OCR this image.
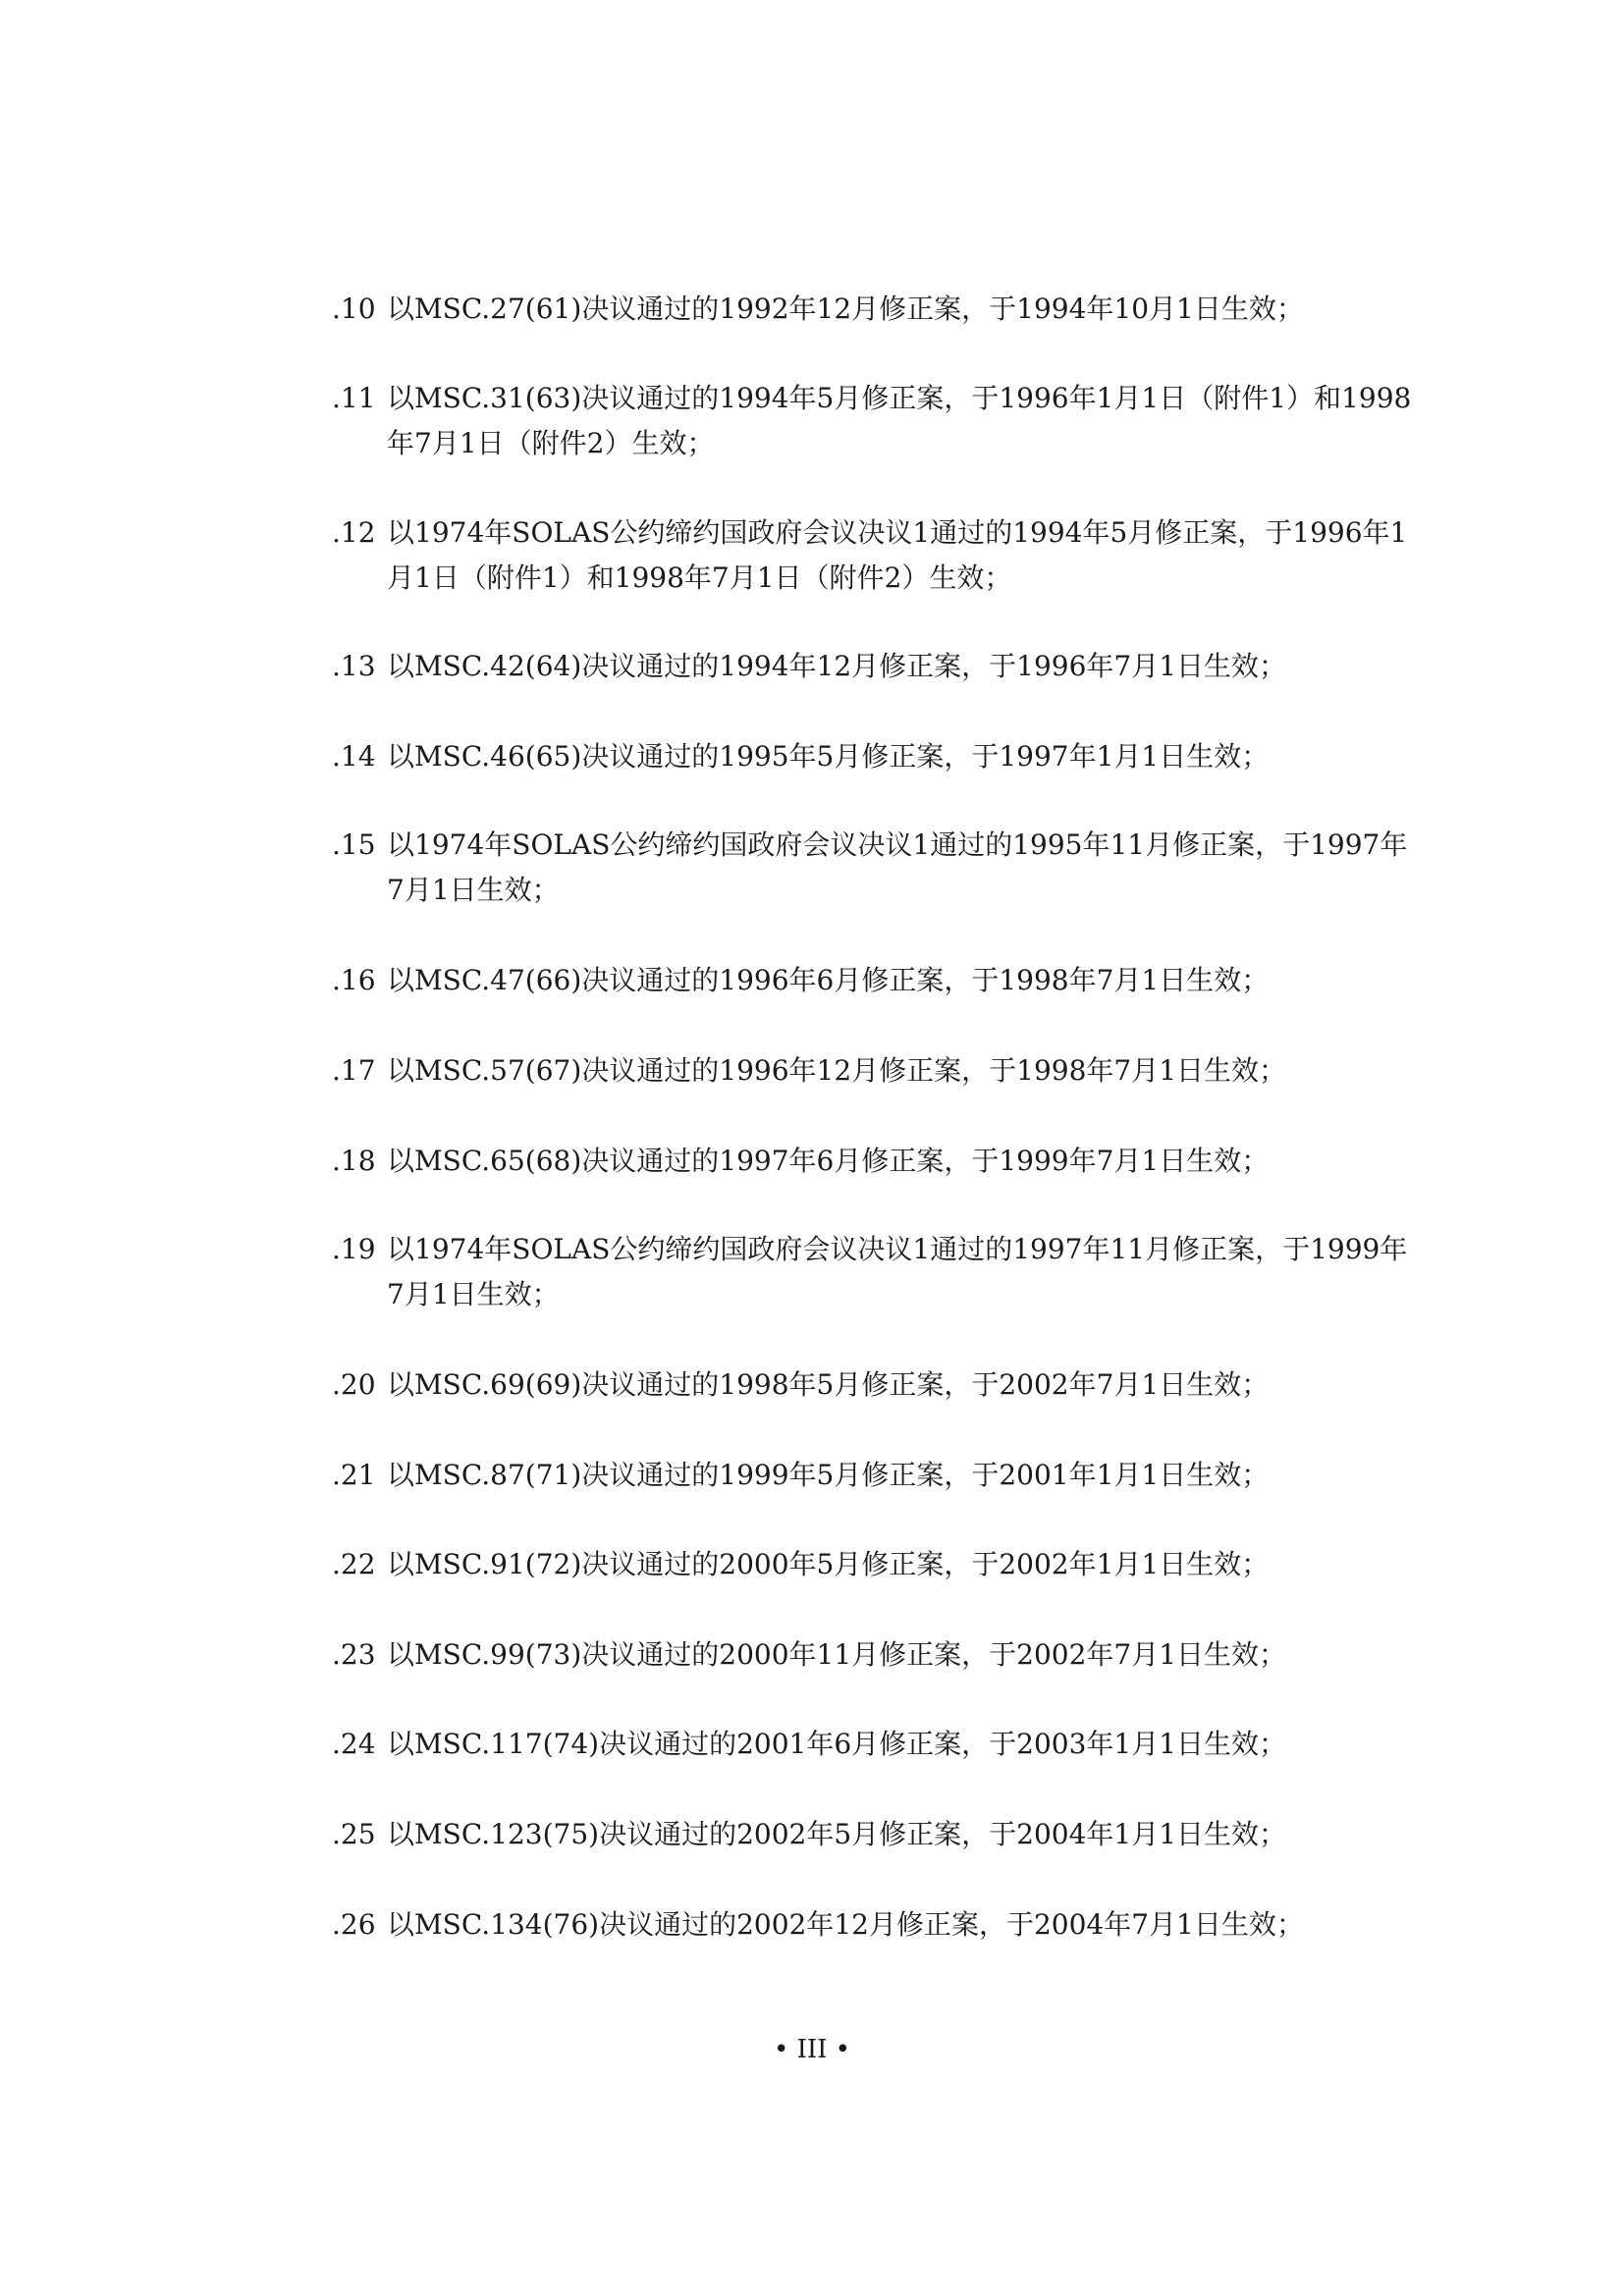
.10 以MSC.27(61)决议通过的1992年12月修正案，于1994年10月1日生效；
.11 以MSC.31(63)决议通过的1994年5月修正案，于1996年1月1日（附件1）和1998年7月1日（附件2）生效；
.12 以1974年SOLAS公约缔约国政府会议决议1通过的1994年5月修正案，于1996年1月1日（附件1）和1998年7月1日（附件2）生效；
.13 以MSC.42(64)决议通过的1994年12月修正案，于1996年7月1日生效；
.14 以MSC.46(65)决议通过的1995年5月修正案，于1997年1月1日生效；
.15 以1974年SOLAS公约缔约国政府会议决议1通过的1995年11月修正案，于1997年7月1日生效；
.16 以MSC.47(66)决议通过的1996年6月修正案，于1998年7月1日生效；
.17 以MSC.57(67)决议通过的1996年12月修正案，于1998年7月1日生效；
.18 以MSC.65(68)决议通过的1997年6月修正案，于1999年7月1日生效；
.19 以1974年SOLAS公约缔约国政府会议决议1通过的1997年11月修正案，于1999年7月1日生效；
.20 以MSC.69(69)决议通过的1998年5月修正案，于2002年7月1日生效；
.21 以MSC.87(71)决议通过的1999年5月修正案，于2001年1月1日生效；
.22 以MSC.91(72)决议通过的2000年5月修正案，于2002年1月1日生效；
.23 以MSC.99(73)决议通过的2000年11月修正案，于2002年7月1日生效；
.24 以MSC.117(74)决议通过的2001年6月修正案，于2003年1月1日生效；
.25 以MSC.123(75)决议通过的2002年5月修正案，于2004年1月1日生效；
.26 以MSC.134(76)决议通过的2002年12月修正案，于2004年7月1日生效；
• III •
